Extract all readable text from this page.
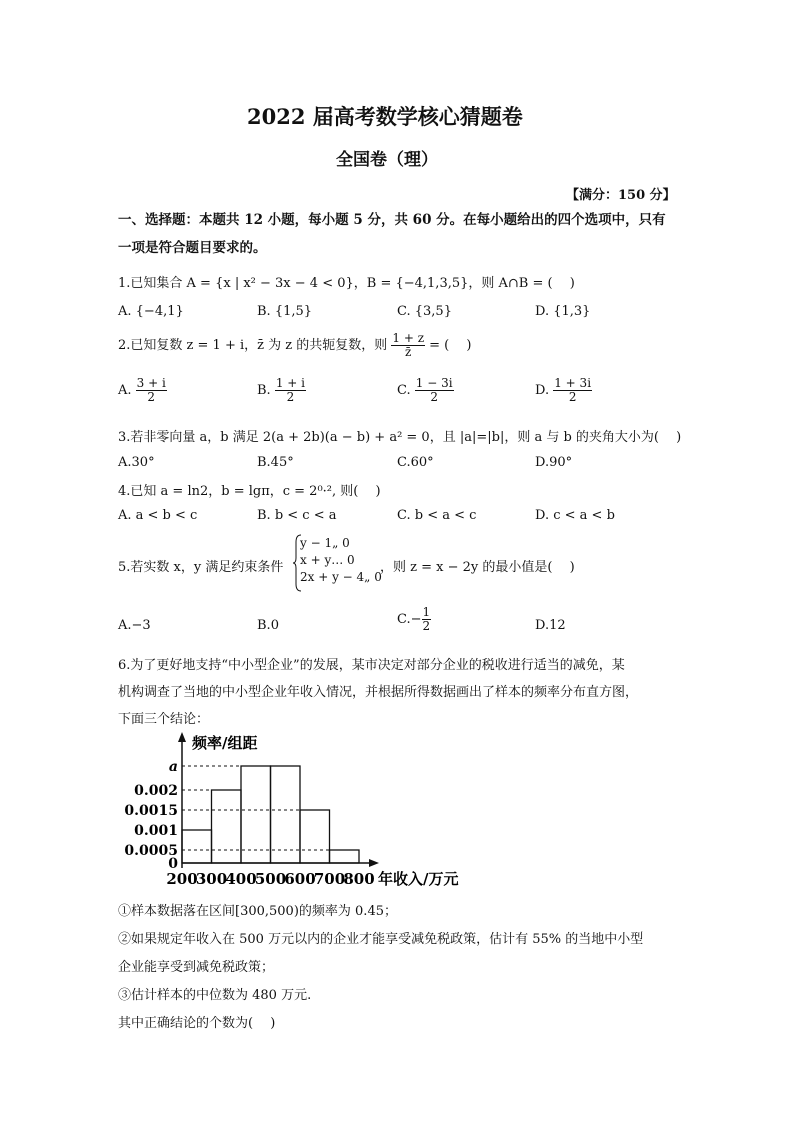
2022 届高考数学核心猜题卷
全国卷（理）
【满分：150 分】
一、选择题：本题共 12 小题，每小题 5 分，共 60 分。在每小题给出的四个选项中，只有
一项是符合题目要求的。
1.已知集合 A = {x | x² − 3x − 4 < 0}，B = {−4,1,3,5}，则 A∩B = (　 )
A. {−4,1}	B. {1,5}	C. {3,5}	D. {1,3}
2.已知复数 z = 1 + i，z̄ 为 z 的共轭复数，则 $\frac{1 + z}{z̄}$ = (　 )
A. $\frac{3 + i}{2}$	B. $\frac{1 + i}{2}$	C. $\frac{1 - 3i}{2}$	D. $\frac{1 + 3i}{2}$
3.若非零向量 a，b 满足 2(a + 2b)(a − b) + a² = 0，且 |a|=|b|，则 a 与 b 的夹角大小为(　 )
A.30°	B.45°	C.60°	D.90°
4.已知 a = ln2，b = lgπ，c = 2⁰·², 则(　 )
A. a < b < c	B. b < c < a	C. b < a < c	D. c < a < b
5.若实数 x，y 满足约束条件
y − 1„ 0
x + y… 0
2x + y − 4„ 0
，则 z = x − 2y 的最小值是(　 )
A.−3	B.0	$C.- \frac{1}{2}$	D.12
6.为了更好地支持“中小型企业”的发展，某市决定对部分企业的税收进行适当的减免，某
机构调查了当地的中小型企业年收入情况，并根据所得数据画出了样本的频率分布直方图，
下面三个结论：
频率/组距
年收入/万元
a
0.002
0.0015
0.001
0.0005
0
200
300
400
500
600
700
800
①样本数据落在区间[300,500)的频率为 0.45；
②如果规定年收入在 500 万元以内的企业才能享受减免税政策，估计有 55% 的当地中小型
企业能享受到减免税政策；
③估计样本的中位数为 480 万元.
其中正确结论的个数为(　 )
